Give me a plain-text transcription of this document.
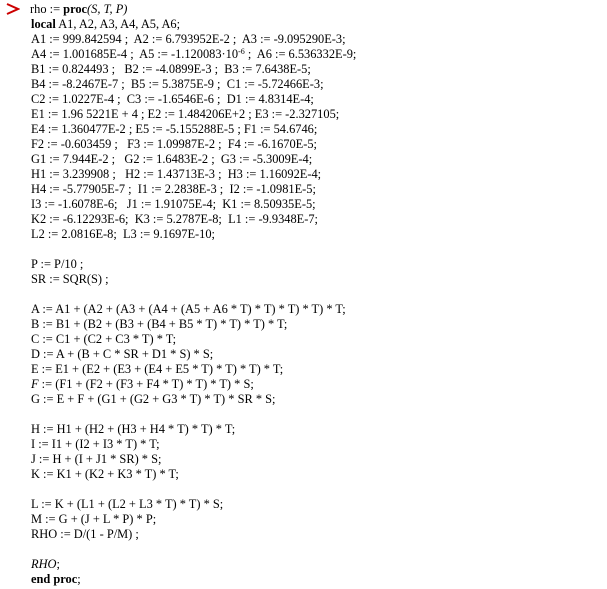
rho := proc(S, T, P)
local A1, A2, A3, A4, A5, A6;
A1 := 999.842594 ;  A2 := 6.793952E-2 ;  A3 := -9.095290E-3;
A4 := 1.001685E-4 ;  A5 := $-1.120083\cdot 10^{-6}$ ;  A6 := 6.536332E-9;
B1 := 0.824493 ;   B2 := -4.0899E-3 ;  B3 := 7.6438E-5;
B4 := -8.2467E-7 ;  B5 := 5.3875E-9 ;  C1 := -5.72466E-3;
C2 := 1.0227E-4 ;  C3 := -1.6546E-6 ;  D1 := 4.8314E-4;
E1 := 1.96 5221E + 4 ; E2 := 1.484206E+2 ; E3 := -2.327105;
E4 := 1.360477E-2 ; E5 := -5.155288E-5 ; F1 := 54.6746;
F2 := -0.603459 ;   F3 := 1.09987E-2 ;  F4 := -6.1670E-5;
G1 := 7.944E-2 ;   G2 := 1.6483E-2 ;  G3 := -5.3009E-4;
H1 := 3.239908 ;   H2 := 1.43713E-3 ;  H3 := 1.16092E-4;
H4 := -5.77905E-7 ;  I1 := 2.2838E-3 ;  I2 := -1.0981E-5;
I3 := -1.6078E-6;   J1 := 1.91075E-4;  K1 := 8.50935E-5;
K2 := -6.12293E-6;  K3 := 5.2787E-8;  L1 := -9.9348E-7;
L2 := 2.0816E-8;  L3 := 9.1697E-10;
P := P/10 ;
SR := SQR(S) ;
A := A1 + (A2 + (A3 + (A4 + (A5 + A6 * T) * T) * T) * T) * T;
B := B1 + (B2 + (B3 + (B4 + B5 * T) * T) * T) * T;
C := C1 + (C2 + C3 * T) * T;
D := A + (B + C * SR + D1 * S) * S;
E := E1 + (E2 + (E3 + (E4 + E5 * T) * T) * T) * T;
F := (F1 + (F2 + (F3 + F4 * T) * T) * T) * S;
G := E + F + (G1 + (G2 + G3 * T) * T) * SR * S;
H := H1 + (H2 + (H3 + H4 * T) * T) * T;
I := I1 + (I2 + I3 * T) * T;
J := H + (I + J1 * SR) * S;
K := K1 + (K2 + K3 * T) * T;
L := K + (L1 + (L2 + L3 * T) * T) * S;
M := G + (J + L * P) * P;
RHO := D/(1 - P/M) ;
RHO;
end proc;
